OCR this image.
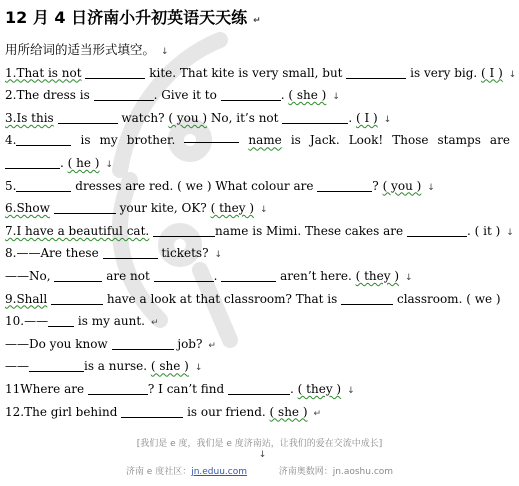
12 月 4 日济南小升初英语天天练 ↵
用所给词的适当形式填空。 ↓
1.That is not	kite. That kite is very small, but	is very big. ( I ) ↓
2.The dress is	. Give it to	. ( she ) ↓
3.Is this	watch? ( you ) No, it’s not	. ( I ) ↓
4.	is my brother.	name is Jack. Look! Those stamps are
. ( he ) ↓
5.	dresses are red. ( we ) What colour are	? ( you ) ↓
6.Show	your kite, OK? ( they ) ↓
7.I have a beautiful cat.	name is Mimi. These cakes are	. ( it ) ↓
8.——Are these	tickets? ↓
——No,	are not	.	aren’t here. ( they ) ↓
9.Shall	have a look at that classroom? That is	classroom. ( we )
10.—— is my aunt. ↵
——Do you know	job? ↵
——	is a nurse. ( she ) ↓
11Where are	? I can’t find	. ( they ) ↓
12.The girl behind	is our friend. ( she ) ↵
[我们是 e 度，我们是 e 度济南站，让我们的爱在交流中成长]
↓
济南 e 度社区：jn.eduu.com	济南奥数网：jn.aoshu.com
